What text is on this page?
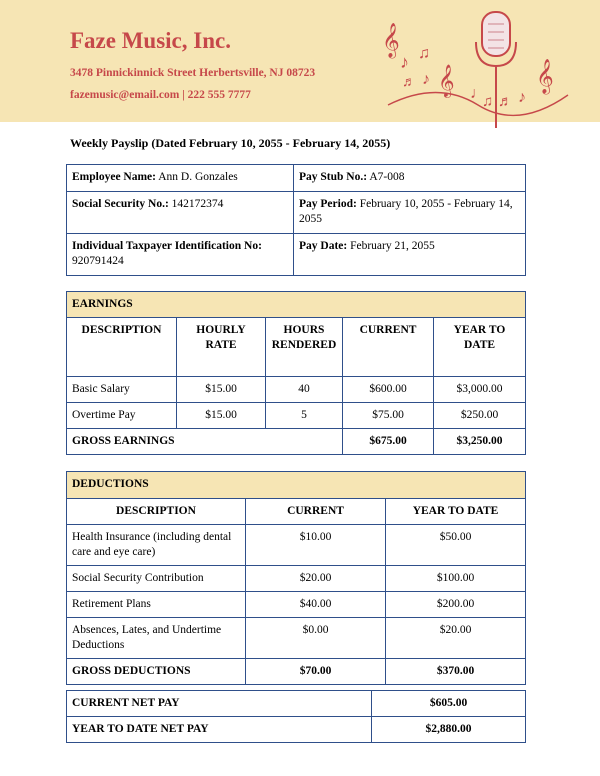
Faze Music, Inc.
3478 Pinnickinnick Street Herbertsville, NJ 08723
fazemusic@email.com | 222 555 7777
𝄞
♪ ♫
♬ ♪ 𝄞 ♩
♫ ♬ ♪
𝄞
Weekly Payslip (Dated February 10, 2055 - February 14, 2055)
Employee Name: Ann D. Gonzales	Pay Stub No.: A7-008
Social Security No.: 142172374	Pay Period: February 10, 2055 - February 14, 2055
Individual Taxpayer Identification No: 920791424	Pay Date: February 21, 2055
EARNINGS				
DESCRIPTION	HOURLY RATE	HOURS RENDERED	CURRENT	YEAR TO DATE
Basic Salary	$15.00	40	$600.00	$3,000.00
Overtime Pay	$15.00	5	$75.00	$250.00
GROSS EARNINGS			$675.00	$3,250.00
DEDUCTIONS		
DESCRIPTION	CURRENT	YEAR TO DATE
Health Insurance (including dental care and eye care)	$10.00	$50.00
Social Security Contribution	$20.00	$100.00
Retirement Plans	$40.00	$200.00
Absences, Lates, and Undertime Deductions	$0.00	$20.00
GROSS DEDUCTIONS	$70.00	$370.00
CURRENT NET PAY	$605.00
YEAR TO DATE NET PAY	$2,880.00
